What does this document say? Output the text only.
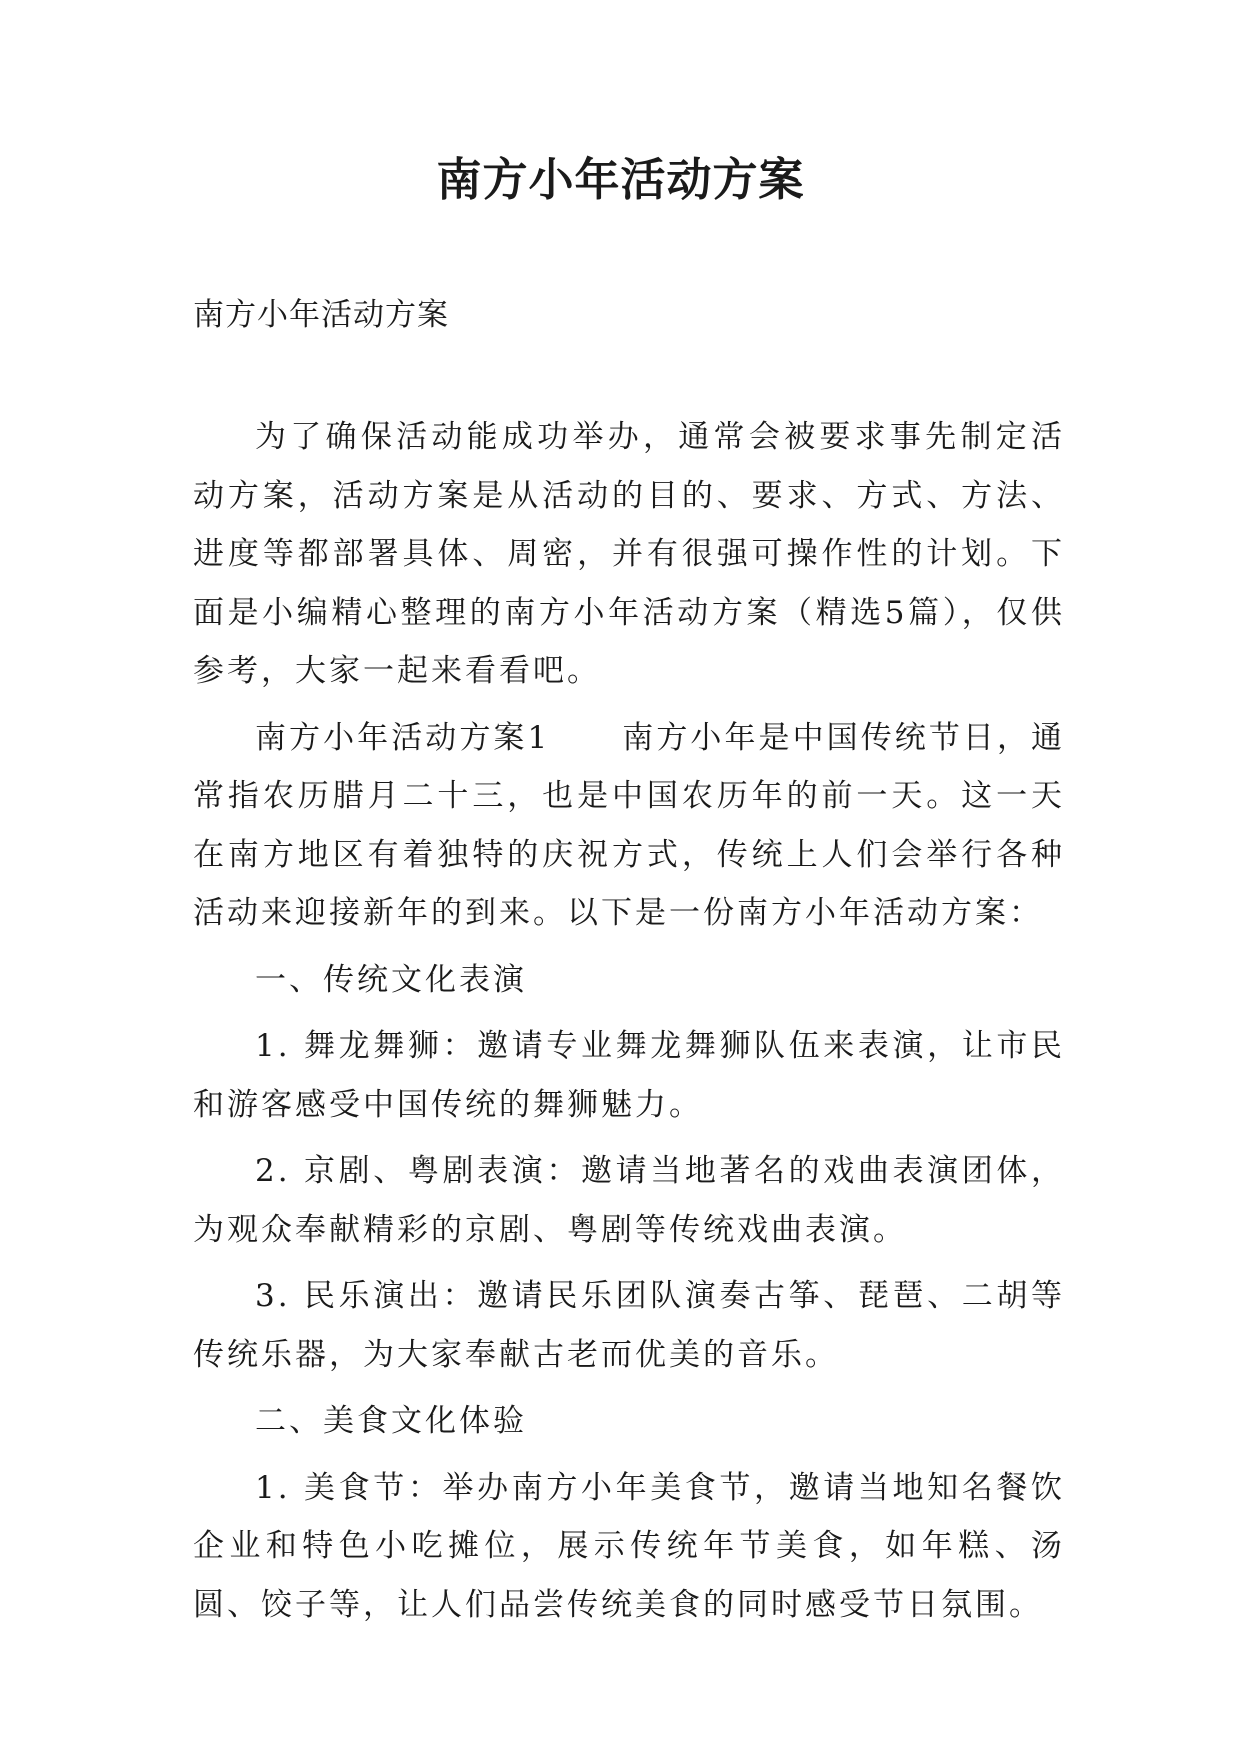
南方小年活动方案

南方小年活动方案

为了确保活动能成功举办，通常会被要求事先制定活动方案，活动方案是从活动的目的、要求、方式、方法、进度等都部署具体、周密，并有很强可操作性的计划。下面是小编精心整理的南方小年活动方案（精选5篇），仅供参考，大家一起来看看吧。

南方小年活动方案1 南方小年是中国传统节日，通常指农历腊月二十三，也是中国农历年的前一天。这一天在南方地区有着独特的庆祝方式，传统上人们会举行各种活动来迎接新年的到来。以下是一份南方小年活动方案：

一、传统文化表演

1. 舞龙舞狮：邀请专业舞龙舞狮队伍来表演，让市民和游客感受中国传统的舞狮魅力。

2. 京剧、粤剧表演：邀请当地著名的戏曲表演团体，为观众奉献精彩的京剧、粤剧等传统戏曲表演。

3. 民乐演出：邀请民乐团队演奏古筝、琵琶、二胡等传统乐器，为大家奉献古老而优美的音乐。

二、美食文化体验

1. 美食节：举办南方小年美食节，邀请当地知名餐饮企业和特色小吃摊位，展示传统年节美食，如年糕、汤圆、饺子等，让人们品尝传统美食的同时感受节日氛围。
